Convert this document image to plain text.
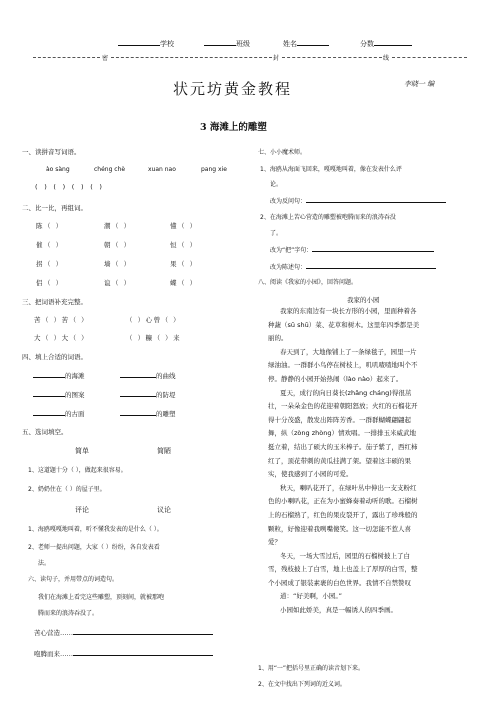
学校	班级	姓名	分数
密	封	线
状元坊黄金教程	李晓一 编
3 海滩上的雕塑
一、读拼音写词语。
ào sàng	chéng chè	xuan nao	pang xie
( ) ( ) ( ) ( )
二、比一比，再组词。
陈（ ）	潮（ ）	懂（ ）
催（ ）	朝（ ）	恒（ ）
拐（ ）	墙（ ）	果（ ）
侣（ ）	谊（ ）	蝶（ ）
三、把词语补充完整。
苦（ ）苦（ ）	（ ）心曾（ ）
大（ ）大（ ）	（ ）糠（ ）来
四、填上合适的词语。
的海滩	的曲线
的图案	的防堤
的古面	的雕塑
五、选词填空。
简单	简陋
1、这道题十分（ ），做起来很容易。
2、奶奶住在（ ）的屋子里。
评论	议论
1、海鸥嘎嘎地叫着，听不懂我发表的是什么（ ）。
2、老师一提出问题，大家（ ）纷纷，各自发表看
法。
六、读句子，并用带点的词造句。
我们在海滩上看完这些雕塑，顶刻间，就被那咆
腾而来的浪涛吞没了。
苦心营造……
咆腾而来……
七、小小魔术师。
1、海鸥从海面飞回来，嘎嘎地叫着，像在发表什么评
论。
改为反问句：
2、在海滩上苦心营造的雕塑被咆腾而来的浪涛吞没
了。
改为“把”字句：
改为陈述句：
八、阅读《我家的小园》，回答问题。
我家的小园
我家的东南边有一块长方形的小园，里面种着各
种蔬（sū shū）菜、花草和树木。这里年四季都是美
丽的。
春天到了，大地像铺上了一条绿毯子，园里一片
绿油油。一群群小鸟停在树枝上，叽叽喳喳地叫个不
停。静静的小园开始热闹（lào nào）起来了。
夏天，成行的向日葵长(zhǎng cháng)得很茁
壮，一朵朵金色的花迎着朝阳怒放；火红的石榴花开
得十分茂盛，散发出阵阵芳香。一群群蝴蝶翩翩起
舞，纵（zòng zhòng）情欢唱。一排排玉米威武地
挺立着，结出了硕大的玉米棒子。茄子紫了，西红柿
红了，顶花带刺的黄瓜挂满了架。望着这丰硕的果
实，使我感到了小园的可爱。
秋天，喇叭花开了，在绿叶丛中伸出一支支粉红
色的小喇叭花，正在为小蜜蜂奏着动听的歌。石榴树
上的石榴熟了，红色的果皮裂开了，露出了珍珠般的
颗粒，好像迎着我咧嘴傻笑。这一切怎能不惹人喜
爱？
冬天，一场大雪过后，园里的石榴树披上了白
雪，残枝披上了白雪，地上也盖上了厚厚的白雪，整
个小园成了银装素裹的白色世界。我情不自禁赞叹
道：“好美啊，小园。”
小园如此娇美，真是一幅诱人的四季画。
1、用“一”把括号里正确的读音划下来。
2、在文中找出下列词的近义词。
